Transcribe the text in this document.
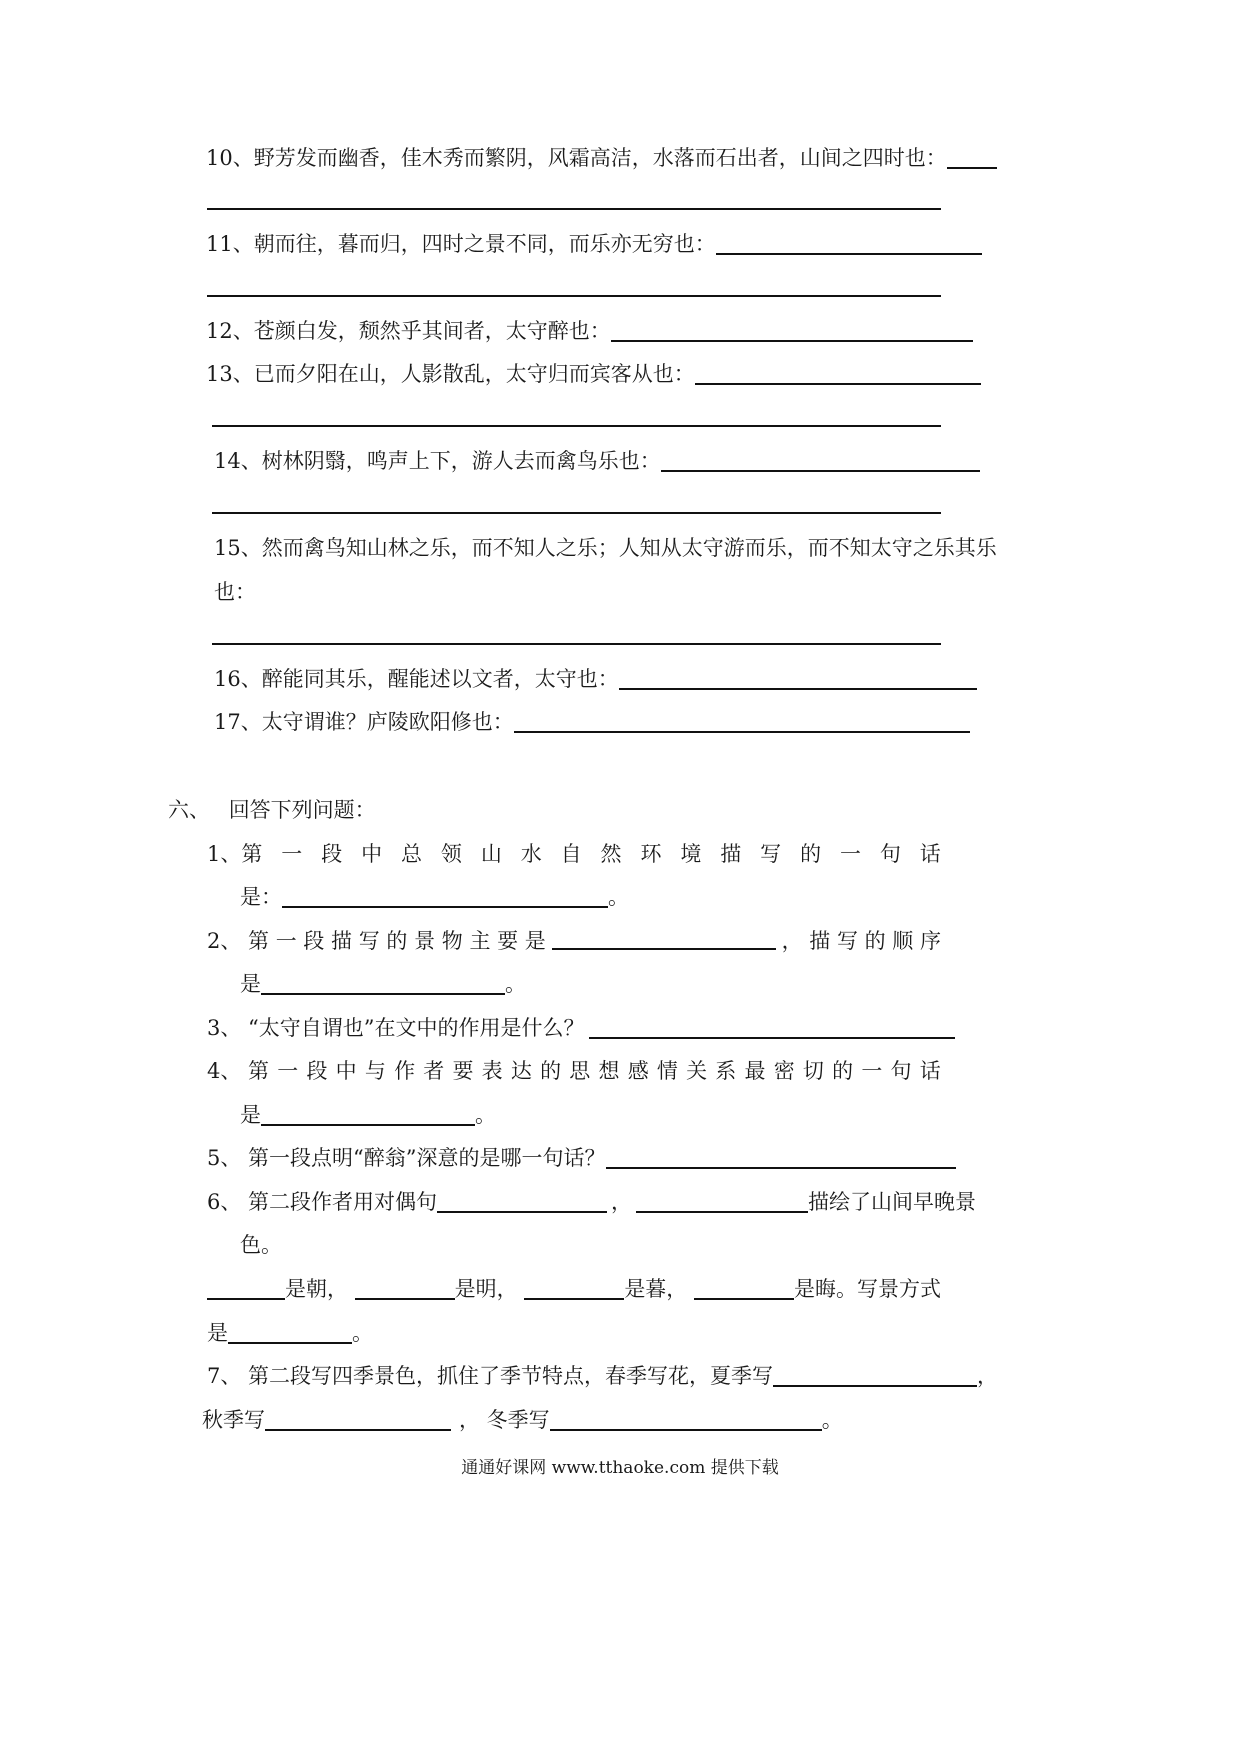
10、野芳发而幽香，佳木秀而繁阴，风霜高洁，水落而石出者，山间之四时也：
11、朝而往，暮而归，四时之景不同，而乐亦无穷也：
12、苍颜白发，颓然乎其间者，太守醉也：
13、已而夕阳在山，人影散乱，太守归而宾客从也：
14、树林阴翳，鸣声上下，游人去而禽鸟乐也：
15、然而禽鸟知山林之乐，而不知人之乐；人知从太守游而乐，而不知太守之乐其乐
也：
16、醉能同其乐，醒能述以文者，太守也：
17、太守谓谁？庐陵欧阳修也：
六、 回答下列问题：
1、第 一 段 中 总 领 山 水 自 然 环 境 描 写 的 一 句 话
是：	。
2、 第 一 段 描 写 的 景 物 主 要 是	， 描 写 的 顺 序
是	。
3、 “太守自谓也”在文中的作用是什么？
4、 第 一 段 中 与 作 者 要 表 达 的 思 想 感 情 关 系 最 密 切 的 一 句 话
是	。
5、 第一段点明“醉翁”深意的是哪一句话？
6、 第二段作者用对偶句	，	描绘了山间早晚景
色。
是朝，	是明，	是暮，	是晦。写景方式
是	。
7、 第二段写四季景色，抓住了季节特点，春季写花，夏季写	，
秋季写	， 冬季写	。
通通好课网 www.tthaoke.com 提供下载
